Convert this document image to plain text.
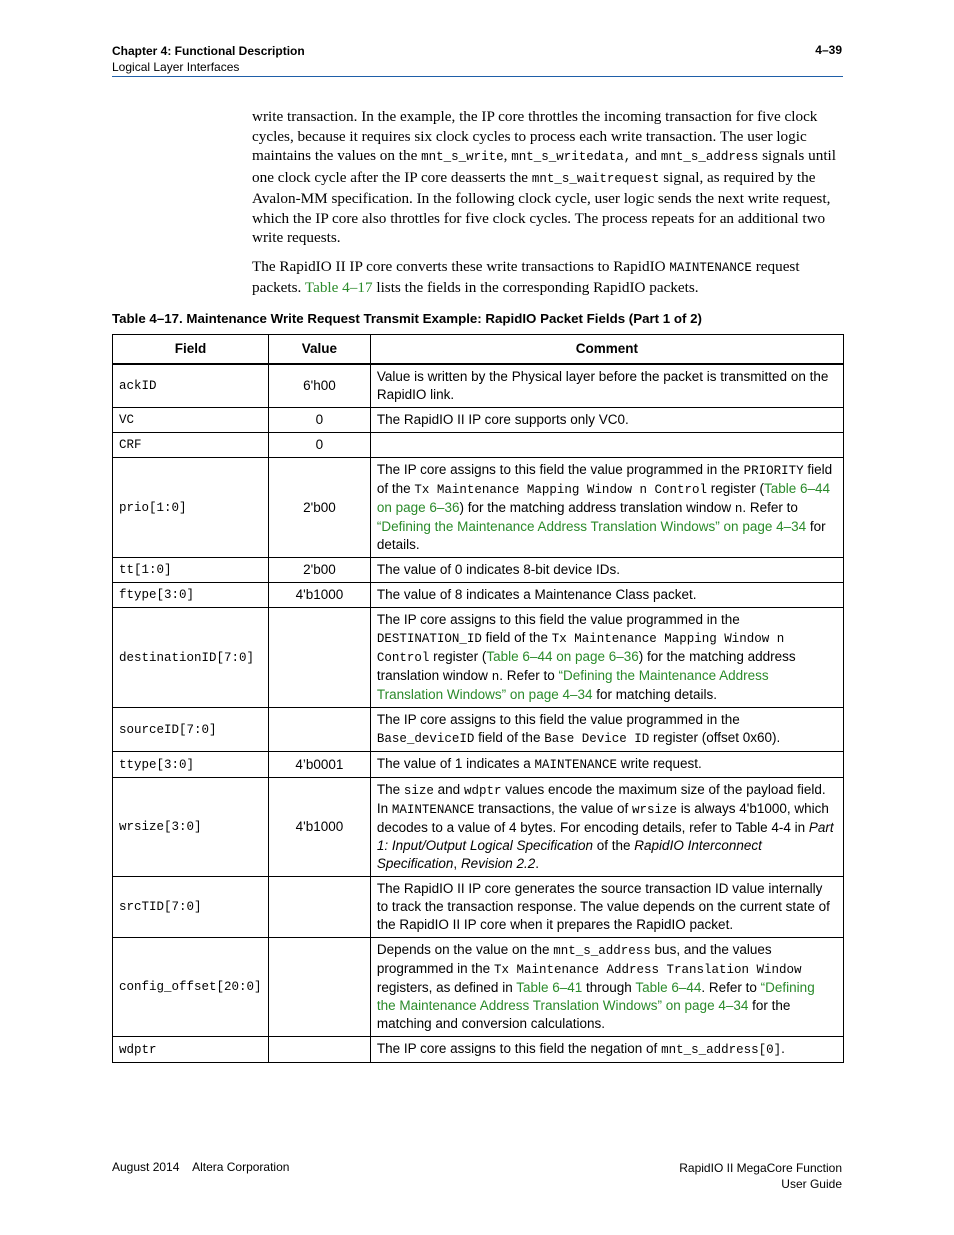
Chapter 4: Functional Description
Logical Layer Interfaces
4–39

write transaction. In the example, the IP core throttles the incoming transaction for five clock cycles, because it requires six clock cycles to process each write transaction. The user logic maintains the values on the mnt_s_write, mnt_s_writedata, and mnt_s_address signals until one clock cycle after the IP core deasserts the mnt_s_waitrequest signal, as required by the Avalon-MM specification. In the following clock cycle, user logic sends the next write request, which the IP core also throttles for five clock cycles. The process repeats for an additional two write requests.

The RapidIO II IP core converts these write transactions to RapidIO MAINTENANCE request packets. Table 4–17 lists the fields in the corresponding RapidIO packets.

Table 4–17. Maintenance Write Request Transmit Example: RapidIO Packet Fields (Part 1 of 2)
Field	Value	Comment
ackID	6'h00	Value is written by the Physical layer before the packet is transmitted on the RapidIO link.
VC	0	The RapidIO II IP core supports only VC0.
CRF	0	
prio[1:0]	2'b00	The IP core assigns to this field the value programmed in the PRIORITY field of the Tx Maintenance Mapping Window n Control register (Table 6–44 on page 6–36) for the matching address translation window n. Refer to “Defining the Maintenance Address Translation Windows” on page 4–34 for details.
tt[1:0]	2'b00	The value of 0 indicates 8-bit device IDs.
ftype[3:0]	4'b1000	The value of 8 indicates a Maintenance Class packet.
destinationID[7:0]		The IP core assigns to this field the value programmed in the DESTINATION_ID field of the Tx Maintenance Mapping Window n Control register (Table 6–44 on page 6–36) for the matching address translation window n. Refer to “Defining the Maintenance Address Translation Windows” on page 4–34 for matching details.
sourceID[7:0]		The IP core assigns to this field the value programmed in the Base_deviceID field of the Base Device ID register (offset 0x60).
ttype[3:0]	4’b0001	The value of 1 indicates a MAINTENANCE write request.
wrsize[3:0]	4'b1000	The size and wdptr values encode the maximum size of the payload field. In MAINTENANCE transactions, the value of wrsize is always 4'b1000, which decodes to a value of 4 bytes. For encoding details, refer to Table 4-4 in Part 1: Input/Output Logical Specification of the RapidIO Interconnect Specification, Revision 2.2.
srcTID[7:0]		The RapidIO II IP core generates the source transaction ID value internally to track the transaction response. The value depends on the current state of the RapidIO II IP core when it prepares the RapidIO packet.
config_offset[20:0]		Depends on the value on the mnt_s_address bus, and the values programmed in the Tx Maintenance Address Translation Window registers, as defined in Table 6–41 through Table 6–44. Refer to “Defining the Maintenance Address Translation Windows” on page 4–34 for the matching and conversion calculations.
wdptr		The IP core assigns to this field the negation of mnt_s_address[0].
August 2014    Altera Corporation	RapidIO II MegaCore Function
User Guide
